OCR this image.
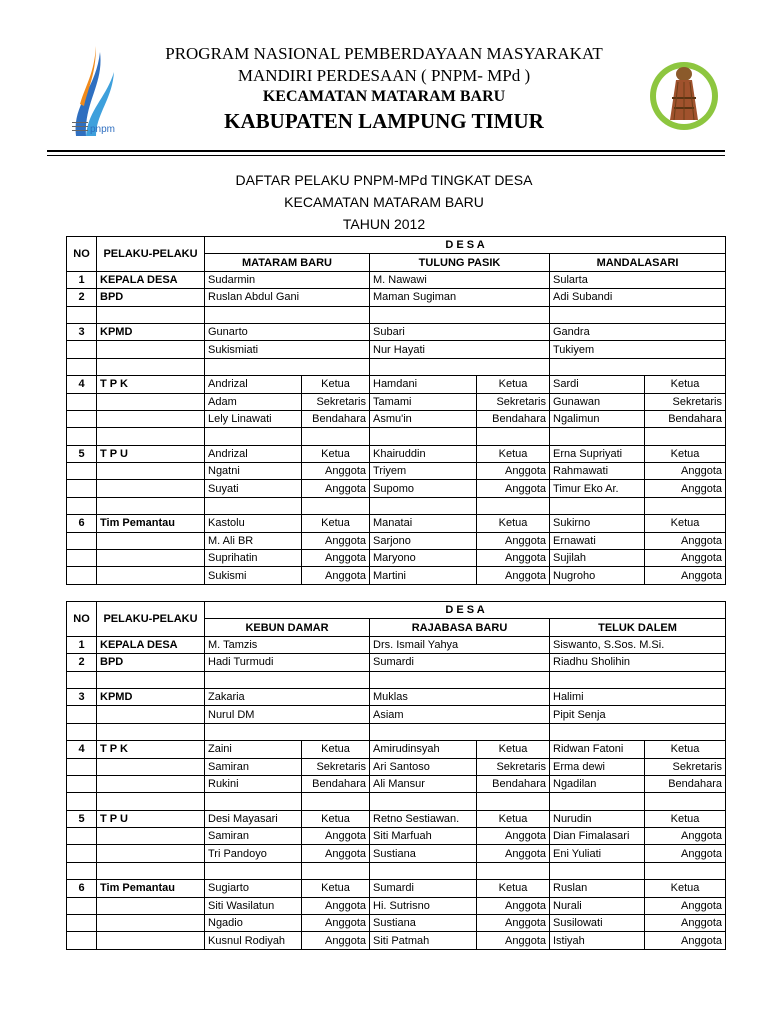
pnpm
PROGRAM NASIONAL PEMBERDAYAAN MASYARAKAT
MANDIRI PERDESAAN ( PNPM- MPd )
KECAMATAN MATARAM BARU
KABUPATEN LAMPUNG TIMUR
DAFTAR PELAKU PNPM-MPd TINGKAT DESA
KECAMATAN MATARAM BARU
TAHUN 2012
NO	PELAKU-PELAKU	D E S A					
		MATARAM BARU		TULUNG PASIK		MANDALASARI	
1	KEPALA DESA	Sudarmin		M. Nawawi		Sularta	
2	BPD	Ruslan Abdul Gani		Maman Sugiman		Adi Subandi	

3	KPMD	Gunarto		Subari		Gandra	
		Sukismiati		Nur Hayati		Tukiyem	

4	T P K	Andrizal	Ketua	Hamdani	Ketua	Sardi	Ketua
		Adam	Sekretaris	Tamami	Sekretaris	Gunawan	Sekretaris
		Lely Linawati	Bendahara	Asmu'in	Bendahara	Ngalimun	Bendahara

5	T P U	Andrizal	Ketua	Khairuddin	Ketua	Erna Supriyati	Ketua
		Ngatni	Anggota	Triyem	Anggota	Rahmawati	Anggota
		Suyati	Anggota	Supomo	Anggota	Timur Eko Ar.	Anggota

6	Tim Pemantau	Kastolu	Ketua	Manatai	Ketua	Sukirno	Ketua
		M. Ali BR	Anggota	Sarjono	Anggota	Ernawati	Anggota
		Suprihatin	Anggota	Maryono	Anggota	Sujilah	Anggota
		Sukismi	Anggota	Martini	Anggota	Nugroho	Anggota
NO	PELAKU-PELAKU	D E S A					
		KEBUN DAMAR		RAJABASA BARU		TELUK DALEM	
1	KEPALA DESA	M. Tamzis		Drs. Ismail Yahya		Siswanto, S.Sos. M.Si.	
2	BPD	Hadi Turmudi		Sumardi		Riadhu Sholihin	

3	KPMD	Zakaria		Muklas		Halimi	
		Nurul DM		Asiam		Pipit Senja	

4	T P K	Zaini	Ketua	Amirudinsyah	Ketua	Ridwan Fatoni	Ketua
		Samiran	Sekretaris	Ari Santoso	Sekretaris	Erma dewi	Sekretaris
		Rukini	Bendahara	Ali Mansur	Bendahara	Ngadilan	Bendahara

5	T P U	Desi Mayasari	Ketua	Retno Sestiawan.	Ketua	Nurudin	Ketua
		Samiran	Anggota	Siti Marfuah	Anggota	Dian Fimalasari	Anggota
		Tri Pandoyo	Anggota	Sustiana	Anggota	Eni Yuliati	Anggota

6	Tim Pemantau	Sugiarto	Ketua	Sumardi	Ketua	Ruslan	Ketua
		Siti Wasilatun	Anggota	Hi. Sutrisno	Anggota	Nurali	Anggota
		Ngadio	Anggota	Sustiana	Anggota	Susilowati	Anggota
		Kusnul Rodiyah	Anggota	Siti Patmah	Anggota	Istiyah	Anggota
